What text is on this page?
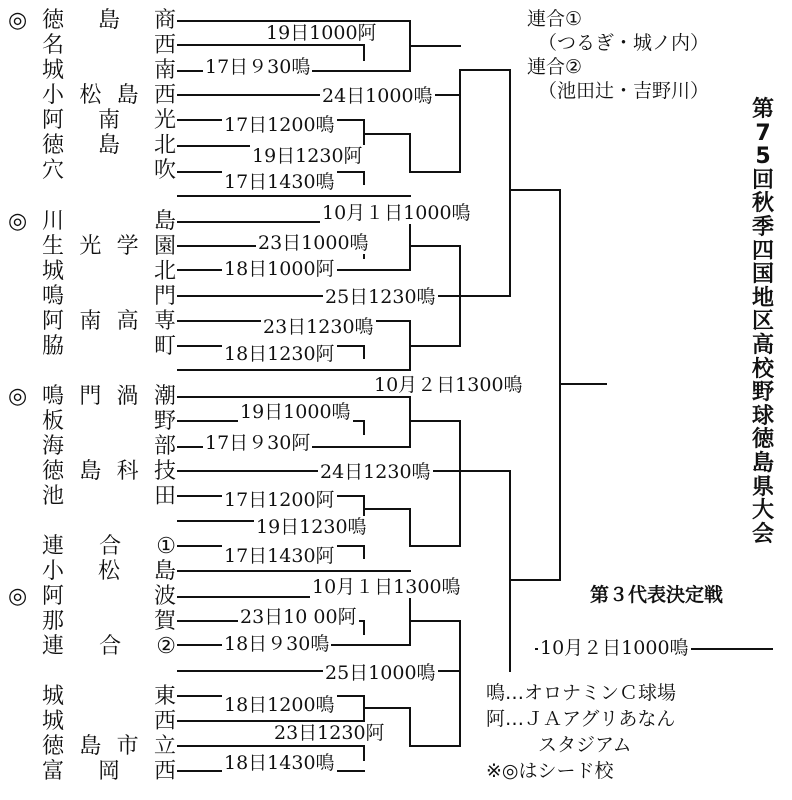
◎ 徳 島 商
名	西
城	南
小 松 島 西
阿 南 光
徳 島 北
穴	吹
◎ 川	島
生 光 学 園
城	北
鳴	門
阿 南 高 専
脇	町
◎ 鳴 門 渦 潮
板	野
海	部
徳 島 科 技
池	田
連 合 ①
小 松 島
◎ 阿	波
那	賀
連 合 ②
城	東
城	西
徳 島 市 立
富 岡 西
19日1000阿
17日９30鳴
24日1000鳴
17日1200鳴
19日1230阿
17日1430鳴
10月１日1000鳴
23日1000鳴
18日1000阿
25日1230鳴
23日1230鳴
18日1230阿
10月２日1300鳴
19日1000鳴
17日９30阿
24日1230鳴
17日1200阿
19日1230鳴
17日1430阿
10月１日1300鳴
23日10 00阿
18日９30鳴
25日1000鳴
18日1200鳴
23日1230阿
18日1430鳴
10月２日1000鳴
連合①
（つるぎ・城ノ内）
連合②
（池田辻・吉野川）
第75回秋季四国地区高校野球徳島県大会
第３代表決定戦
鳴…オロナミンＣ球場
阿…ＪＡアグリあなん
スタジアム
※◎はシード校
